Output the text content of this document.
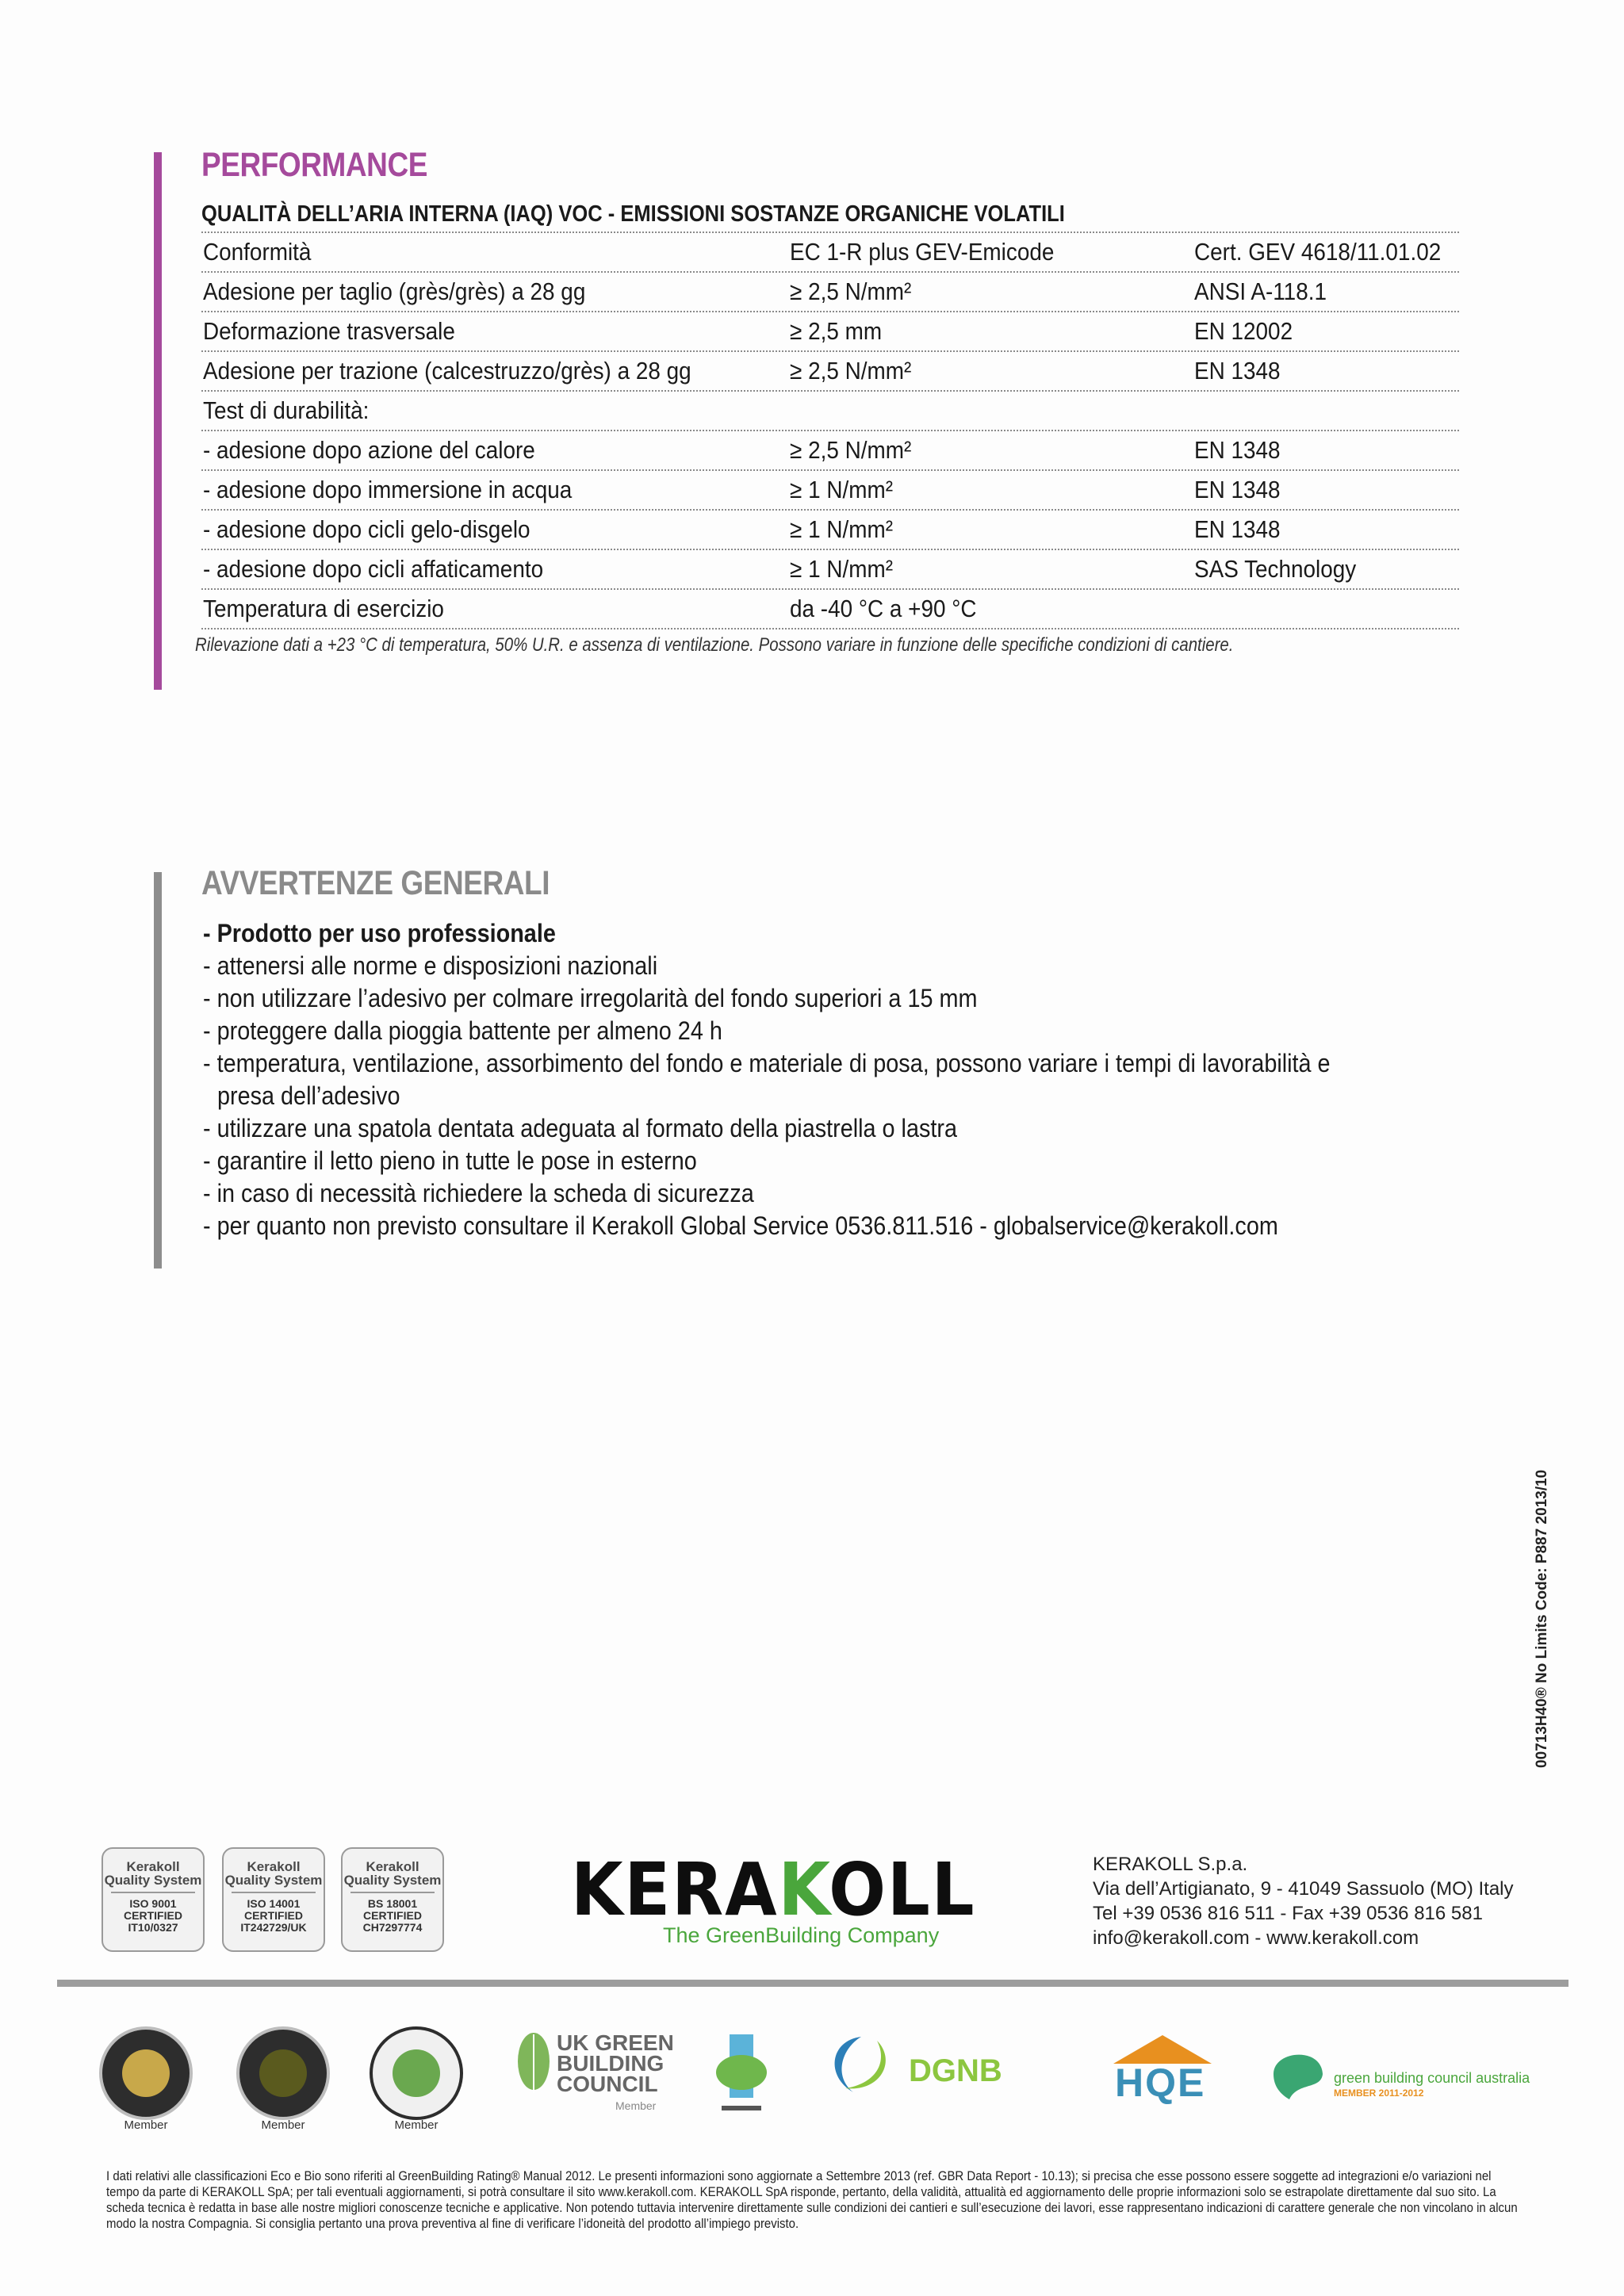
PERFORMANCE
QUALITÀ DELL’ARIA INTERNA (IAQ) VOC - EMISSIONI SOSTANZE ORGANICHE VOLATILI
Conformità	EC 1-R plus GEV-Emicode	Cert. GEV 4618/11.01.02
Adesione per taglio (grès/grès) a 28 gg	≥ 2,5 N/mm²	ANSI A-118.1
Deformazione trasversale	≥ 2,5 mm	EN 12002
Adesione per trazione (calcestruzzo/grès) a 28 gg	≥ 2,5 N/mm²	EN 1348
Test di durabilità:
- adesione dopo azione del calore	≥ 2,5 N/mm²	EN 1348
- adesione dopo immersione in acqua	≥ 1 N/mm²	EN 1348
- adesione dopo cicli gelo-disgelo	≥ 1 N/mm²	EN 1348
- adesione dopo cicli affaticamento	≥ 1 N/mm²	SAS Technology
Temperatura di esercizio	da -40 °C a +90 °C
Rilevazione dati a +23 °C di temperatura, 50% U.R. e assenza di ventilazione. Possono variare in funzione delle specifiche condizioni di cantiere.
AVVERTENZE GENERALI
- Prodotto per uso professionale
- attenersi alle norme e disposizioni nazionali
- non utilizzare l’adesivo per colmare irregolarità del fondo superiori a 15 mm
- proteggere dalla pioggia battente per almeno 24 h
- temperatura, ventilazione, assorbimento del fondo e materiale di posa, possono variare i tempi di lavorabilità e
presa dell’adesivo
- utilizzare una spatola dentata adeguata al formato della piastrella o lastra
- garantire il letto pieno in tutte le pose in esterno
- in caso di necessità richiedere la scheda di sicurezza
- per quanto non previsto consultare il Kerakoll Global Service 0536.811.516 - globalservice@kerakoll.com
00713H40® No Limits Code: P887 2013/10
Kerakoll Quality System
ISO 9001
CERTIFIED
IT10/0327
Kerakoll Quality System
ISO 14001
CERTIFIED
IT242729/UK
Kerakoll Quality System
BS 18001
CERTIFIED
CH7297774 KERAKOLL
The GreenBuilding Company
KERAKOLL S.p.a.
Via dell’Artigianato, 9 - 41049 Sassuolo (MO) Italy
Tel +39 0536 816 511 - Fax +39 0536 816 581
info@kerakoll.com - www.kerakoll.com
Member	Member	Member
UK GREEN BUILDING COUNCIL
Member
DGNB	HQE	green building council australia
MEMBER 2011-2012
I dati relativi alle classificazioni Eco e Bio sono riferiti al GreenBuilding Rating® Manual 2012. Le presenti informazioni sono aggiornate a Settembre 2013 (ref. GBR Data Report - 10.13); si precisa che esse possono essere soggette ad integrazioni e/o variazioni nel tempo da parte di KERAKOLL SpA; per tali eventuali aggiornamenti, si potrà consultare il sito www.kerakoll.com. KERAKOLL SpA risponde, pertanto, della validità, attualità ed aggiornamento delle proprie informazioni solo se estrapolate direttamente dal suo sito. La scheda tecnica è redatta in base alle nostre migliori conoscenze tecniche e applicative. Non potendo tuttavia intervenire direttamente sulle condizioni dei cantieri e sull’esecuzione dei lavori, esse rappresentano indicazioni di carattere generale che non vincolano in alcun modo la nostra Compagnia. Si consiglia pertanto una prova preventiva al fine di verificare l’idoneità del prodotto all’impiego previsto.
